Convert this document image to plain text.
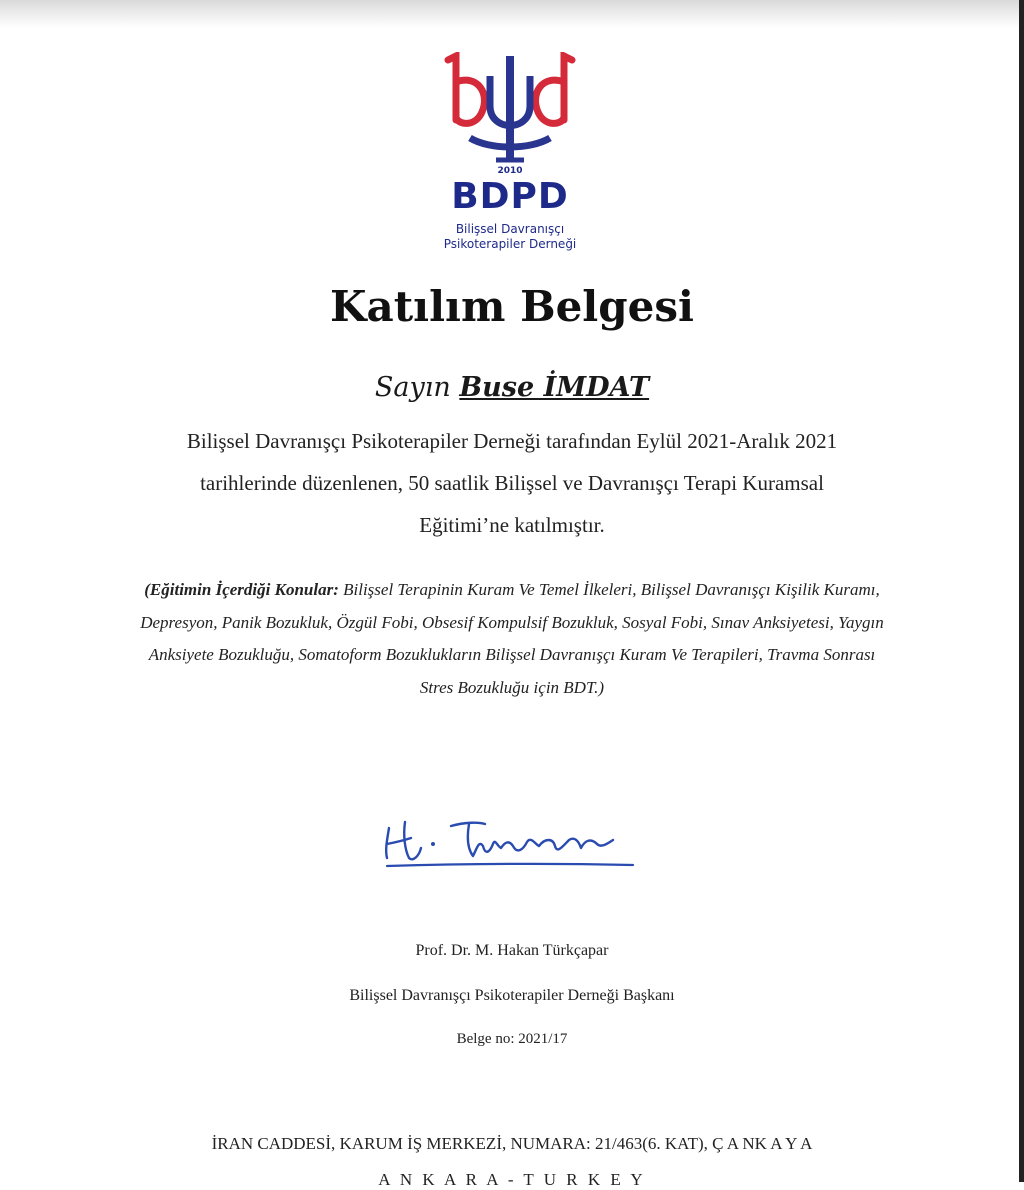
2010
BDPD
Bilişsel Davranışçı
Psikoterapiler Derneği
Katılım Belgesi
Sayın Buse İMDAT
Bilişsel Davranışçı Psikoterapiler Derneği tarafından Eylül 2021-Aralık 2021 tarihlerinde düzenlenen, 50 saatlik Bilişsel ve Davranışçı Terapi Kuramsal Eğitimi’ne katılmıştır.
(Eğitimin İçerdiği Konular: Bilişsel Terapinin Kuram Ve Temel İlkeleri, Bilişsel Davranışçı Kişilik Kuramı, Depresyon, Panik Bozukluk, Özgül Fobi, Obsesif Kompulsif Bozukluk, Sosyal Fobi, Sınav Anksiyetesi, Yaygın Anksiyete Bozukluğu, Somatoform Bozuklukların Bilişsel Davranışçı Kuram Ve Terapileri, Travma Sonrası Stres Bozukluğu için BDT.)
Prof. Dr. M. Hakan Türkçapar
Bilişsel Davranışçı Psikoterapiler Derneği Başkanı
Belge no: 2021/17
İRAN CADDESİ, KARUM İŞ MERKEZİ, NUMARA: 21/463(6. KAT), Ç A NK A Y A
A N K A R A - T U R K E Y
